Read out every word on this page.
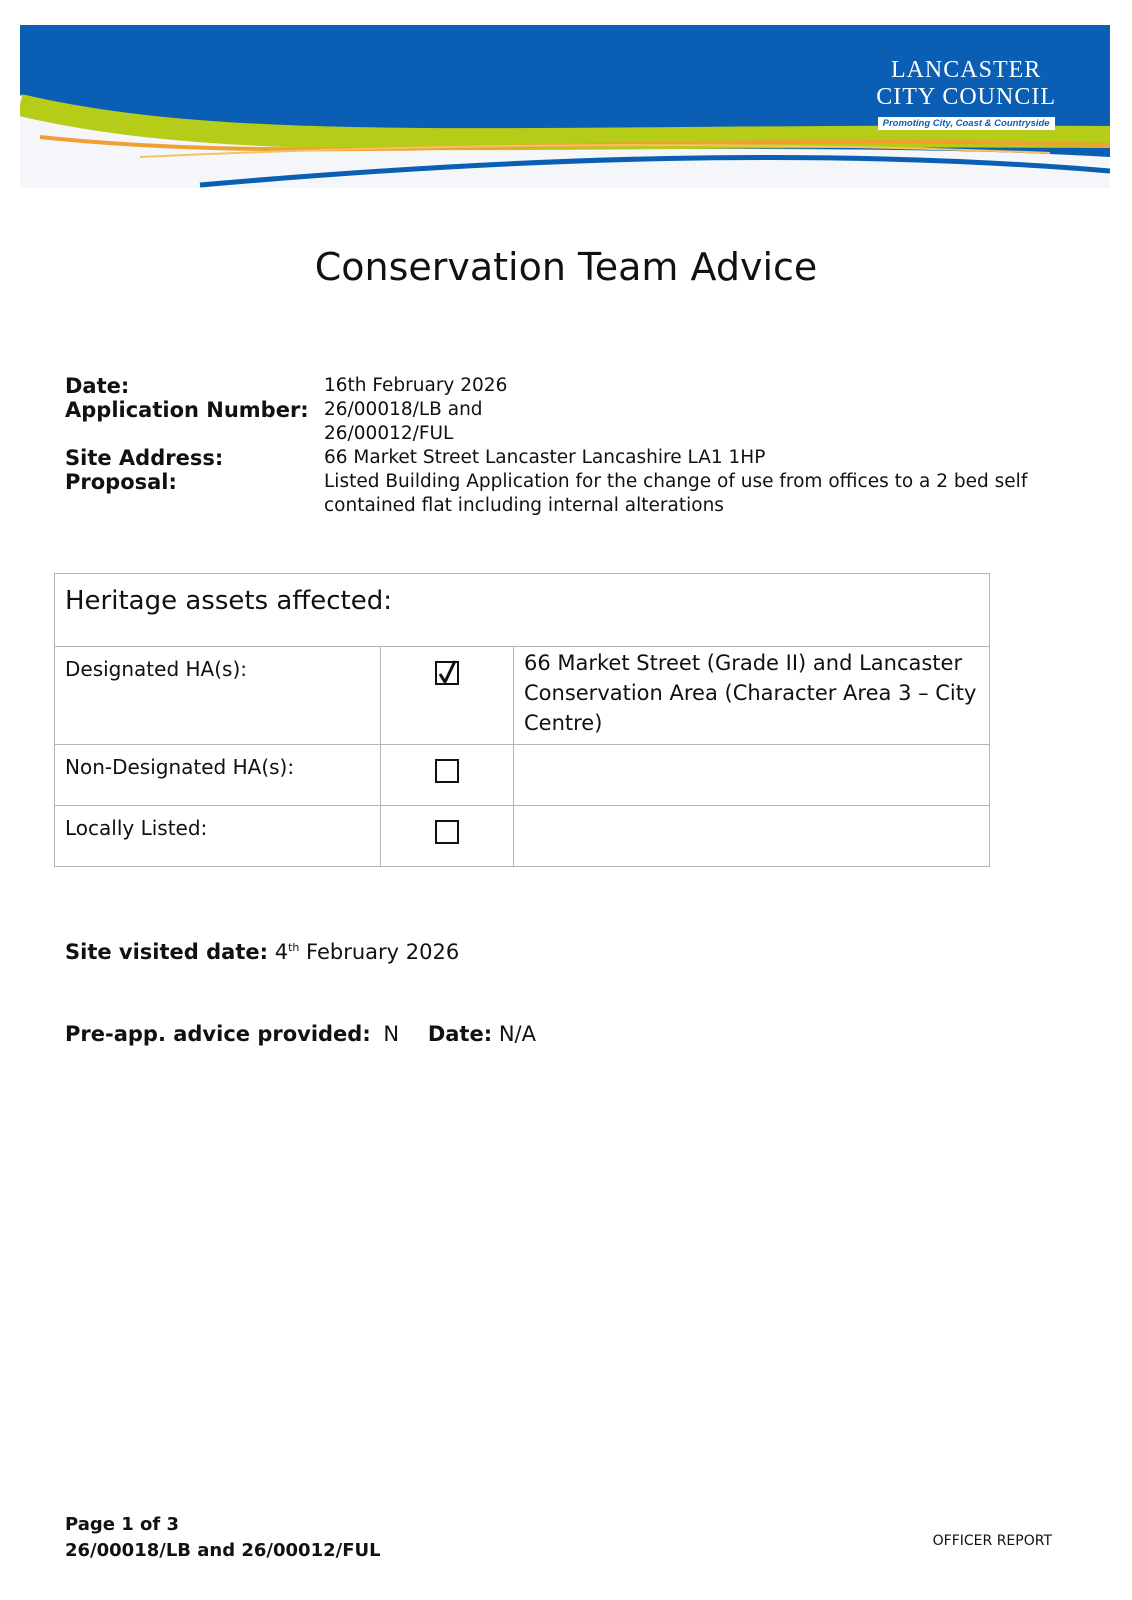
LANCASTER
CITY COUNCIL
Promoting City, Coast & Countryside
Conservation Team Advice
Date:	16th February 2026
Application Number: 26/00018/LB and
26/00012/FUL
Site Address:	66 Market Street Lancaster Lancashire LA1 1HP
Proposal:	Listed Building Application for the change of use from offices to a 2 bed self contained flat including internal alterations
Heritage assets affected:		
Designated HA(s):		66 Market Street (Grade II) and Lancaster Conservation Area (Character Area 3 – City Centre)
Non-Designated HA(s):		
Locally Listed:		
Site visited date: 4th February 2026
Pre-app. advice provided: N Date: N/A
Page 1 of 3
26/00018/LB and 26/00012/FUL	OFFICER REPORT
